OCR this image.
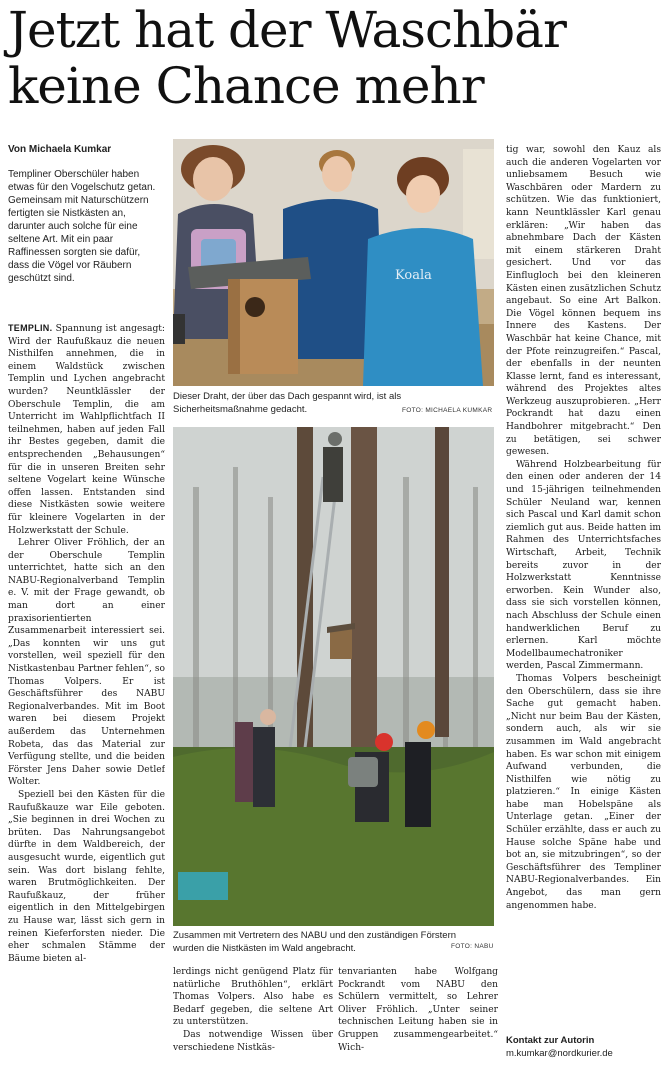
Jetzt hat der Waschbär
keine Chance mehr
Von Michaela Kumkar
Templiner Oberschüler haben etwas für den Vogelschutz getan. Gemeinsam mit Naturschützern fertigten sie Nistkästen an, darunter auch solche für eine seltene Art. Mit ein paar Raffinessen sorgten sie dafür, dass die Vögel vor Räubern geschützt sind.

TEMPLIN. Spannung ist angesagt: Wird der Raufußkauz die neuen Nisthilfen annehmen, die in einem Waldstück zwischen Templin und Lychen angebracht wurden? Neuntklässler der Oberschule Templin, die am Unterricht im Wahlpflichtfach II teilnehmen, haben auf jeden Fall ihr Bestes gegeben, damit die entsprechenden „Behausungen“ für die in unseren Breiten sehr seltene Vogelart keine Wünsche offen lassen. Entstanden sind diese Nistkästen sowie weitere für kleinere Vogelarten in der Holzwerkstatt der Schule.

Lehrer Oliver Fröhlich, der an der Oberschule Templin unterrichtet, hatte sich an den NABU-Regionalverband Templin e. V. mit der Frage gewandt, ob man dort an einer praxisorientierten Zusammenarbeit interessiert sei. „Das konnten wir uns gut vorstellen, weil speziell für den Nistkastenbau Partner fehlen“, so Thomas Volpers. Er ist Geschäftsführer des NABU Regionalverbandes. Mit im Boot waren bei diesem Projekt außerdem das Unternehmen Robeta, das das Material zur Verfügung stellte, und die beiden Förster Jens Daher sowie Detlef Wolter.

Speziell bei den Kästen für die Raufußkauze war Eile geboten. „Sie beginnen in drei Wochen zu brüten. Das Nahrungsangebot dürfte in dem Waldbereich, der ausgesucht wurde, eigentlich gut sein. Was dort bislang fehlte, waren Brutmöglichkeiten. Der Raufußkauz, der früher eigentlich in den Mittelgebirgen zu Hause war, lässt sich gern in reinen Kieferforsten nieder. Die eher schmalen Stämme der Bäume bieten al-

lerdings nicht genügend Platz für natürliche Bruthöhlen“, erklärt Thomas Volpers. Also habe es Bedarf gegeben, die seltene Art zu unterstützen.

Das notwendige Wissen über verschiedene Nistkäs-

tenvarianten habe Wolfgang Pockrandt vom NABU den Schülern vermittelt, so Lehrer Oliver Fröhlich. „Unter seiner technischen Leitung haben sie in Gruppen zusammengearbeitet.“ Wich-

tig war, sowohl den Kauz als auch die anderen Vogelarten vor unliebsamem Besuch wie Waschbären oder Mardern zu schützen. Wie das funktioniert, kann Neuntklässler Karl genau erklären: „Wir haben das abnehmbare Dach der Kästen mit einem stärkeren Draht gesichert. Und vor das Einflugloch bei den kleineren Kästen einen zusätzlichen Schutz angebaut. So eine Art Balkon. Die Vögel können bequem ins Innere des Kastens. Der Waschbär hat keine Chance, mit der Pfote reinzugreifen.“ Pascal, der ebenfalls in der neunten Klasse lernt, fand es interessant, während des Projektes altes Werkzeug auszuprobieren. „Herr Pockrandt hat dazu einen Handbohrer mitgebracht.“ Den zu betätigen, sei schwer gewesen.

Während Holzbearbeitung für den einen oder anderen der 14 und 15-jährigen teilnehmenden Schüler Neuland war, kennen sich Pascal und Karl damit schon ziemlich gut aus. Beide hatten im Rahmen des Unterrichtsfaches Wirtschaft, Arbeit, Technik bereits zuvor in der Holzwerkstatt Kenntnisse erworben. Kein Wunder also, dass sie sich vorstellen können, nach Abschluss der Schule einen handwerklichen Beruf zu erlernen. Karl möchte Modellbaumechatroniker werden, Pascal Zimmermann.

Thomas Volpers bescheinigt den Oberschülern, dass sie ihre Sache gut gemacht haben. „Nicht nur beim Bau der Kästen, sondern auch, als wir sie zusammen im Wald angebracht haben. Es war schon mit einigem Aufwand verbunden, die Nisthilfen wie nötig zu platzieren.“ In einige Kästen habe man Hobelspäne als Unterlage getan. „Einer der Schüler erzählte, dass er auch zu Hause solche Späne habe und bot an, sie mitzubringen“, so der Geschäftsführer des Templiner NABU-Regionalverbandes. Ein Angebot, das man gern angenommen habe.

Kontakt zur Autorin
m.kumkar@nordkurier.de
Koala
Dieser Draht, der über das Dach gespannt wird, ist als Sicherheitsmaßnahme gedacht.	FOTO: MICHAELA KUMKAR
Zusammen mit Vertretern des NABU und den zuständigen Förstern wurden die Nistkästen im Wald angebracht.	FOTO: NABU
